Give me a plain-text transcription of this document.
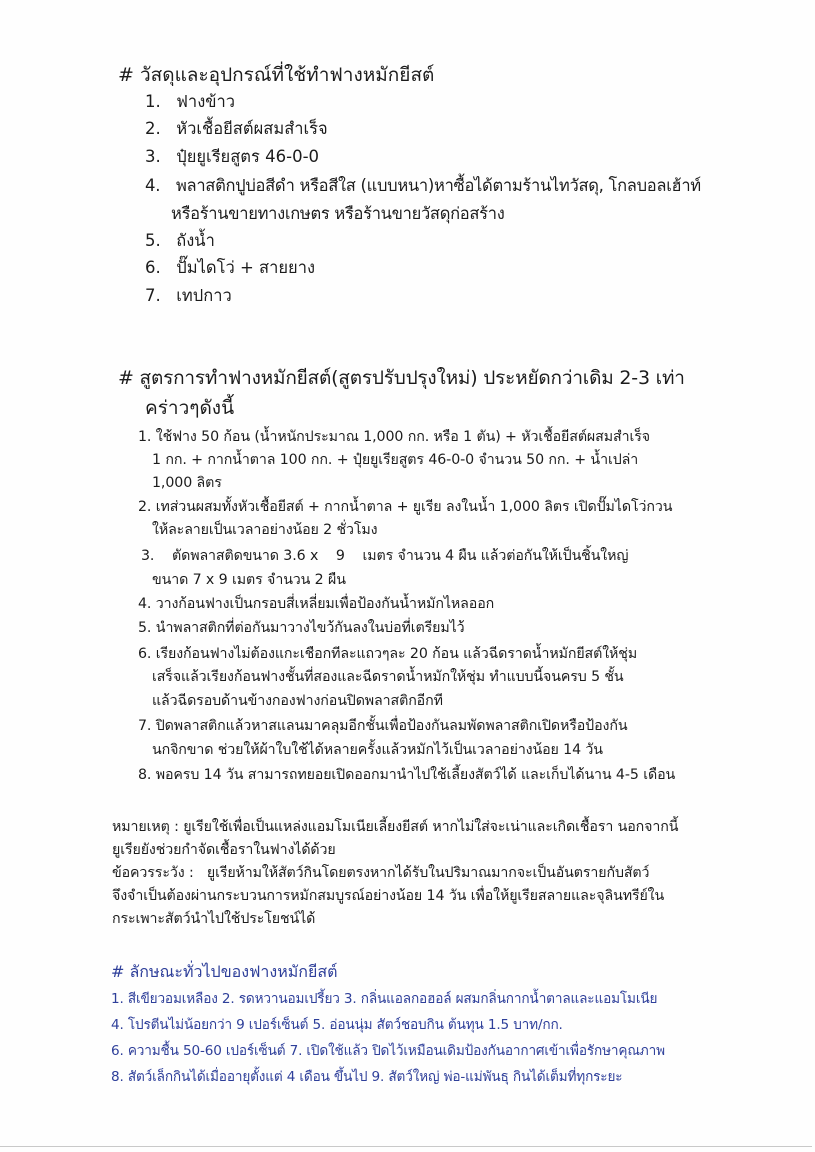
# วัสดุและอุปกรณ์ที่ใช้ทำฟางหมักยีสต์
1. ฟางข้าว
2. หัวเชื้อยีสต์ผสมสำเร็จ
3. ปุ๋ยยูเรียสูตร 46-0-0
4. พลาสติกปูบ่อสีดำ หรือสีใส (แบบหนา)หาซื้อได้ตามร้านไทวัสดุ, โกลบอลเฮ้าท์
หรือร้านขายทางเกษตร หรือร้านขายวัสดุก่อสร้าง
5. ถังน้ำ
6. ปั๊มไดโว่ + สายยาง
7. เทปกาว
# สูตรการทำฟางหมักยีสต์(สูตรปรับปรุงใหม่) ประหยัดกว่าเดิม 2-3 เท่า
คร่าวๆดังนี้
1. ใช้ฟาง 50 ก้อน (น้ำหนักประมาณ 1,000 กก. หรือ 1 ตัน) + หัวเชื้อยีสต์ผสมสำเร็จ
1 กก. + กากน้ำตาล 100 กก. + ปุ๋ยยูเรียสูตร 46-0-0 จำนวน 50 กก. + น้ำเปล่า
1,000 ลิตร
2. เทส่วนผสมทั้งหัวเชื้อยีสต์ + กากน้ำตาล + ยูเรีย ลงในน้ำ 1,000 ลิตร เปิดปั๊มไดโว่กวน
ให้ละลายเป็นเวลาอย่างน้อย 2 ชั่วโมง
3.    ตัดพลาสติดขนาด 3.6 x    9    เมตร จำนวน 4 ผืน แล้วต่อกันให้เป็นชิ้นใหญ่
ขนาด 7 x 9 เมตร จำนวน 2 ผืน
4. วางก้อนฟางเป็นกรอบสี่เหลี่ยมเพื่อป้องกันน้ำหมักไหลออก
5. นำพลาสติกที่ต่อกันมาวางไขว้กันลงในบ่อที่เตรียมไว้
6. เรียงก้อนฟางไม่ต้องแกะเชือกทีละแถวๆละ 20 ก้อน แล้วฉีดราดน้ำหมักยีสต์ให้ชุ่ม
เสร็จแล้วเรียงก้อนฟางชั้นที่สองและฉีดราดน้ำหมักให้ชุ่ม ทำแบบนี้จนครบ 5 ชั้น
แล้วฉีดรอบด้านข้างกองฟางก่อนปิดพลาสติกอีกที
7. ปิดพลาสติกแล้วหาสแลนมาคลุมอีกชั้นเพื่อป้องกันลมพัดพลาสติกเปิดหรือป้องกัน
นกจิกขาด ช่วยให้ผ้าใบใช้ได้หลายครั้งแล้วหมักไว้เป็นเวลาอย่างน้อย 14 วัน
8. พอครบ 14 วัน สามารถทยอยเปิดออกมานำไปใช้เลี้ยงสัตว์ได้ และเก็บได้นาน 4-5 เดือน
หมายเหตุ : ยูเรียใช้เพื่อเป็นแหล่งแอมโมเนียเลี้ยงยีสต์ หากไม่ใส่จะเน่าและเกิดเชื้อรา นอกจากนี้
ยูเรียยังช่วยกำจัดเชื้อราในฟางได้ด้วย
ข้อควรระวัง :   ยูเรียห้ามให้สัตว์กินโดยตรงหากได้รับในปริมาณมากจะเป็นอันตรายกับสัตว์
จึงจำเป็นต้องผ่านกระบวนการหมักสมบูรณ์อย่างน้อย 14 วัน เพื่อให้ยูเรียสลายและจุลินทรีย์ใน
กระเพาะสัตว์นำไปใช้ประโยชน์ได้
# ลักษณะทั่วไปของฟางหมักยีสต์
1. สีเขียวอมเหลือง 2. รดหวานอมเปรี้ยว 3. กลิ่นแอลกอฮอล์ ผสมกลิ่นกากน้ำตาลและแอมโมเนีย
4. โปรตีนไม่น้อยกว่า 9 เปอร์เซ็นต์ 5. อ่อนนุ่ม สัตว์ชอบกิน ต้นทุน 1.5 บาท/กก.
6. ความชื้น 50-60 เปอร์เซ็นต์ 7. เปิดใช้แล้ว ปิดไว้เหมือนเดิมป้องกันอากาศเข้าเพื่อรักษาคุณภาพ
8. สัตว์เล็กกินได้เมื่ออายุตั้งแต่ 4 เดือน ขึ้นไป 9. สัตว์ใหญ่ พ่อ-แม่พันธุ กินได้เต็มที่ทุกระยะ
